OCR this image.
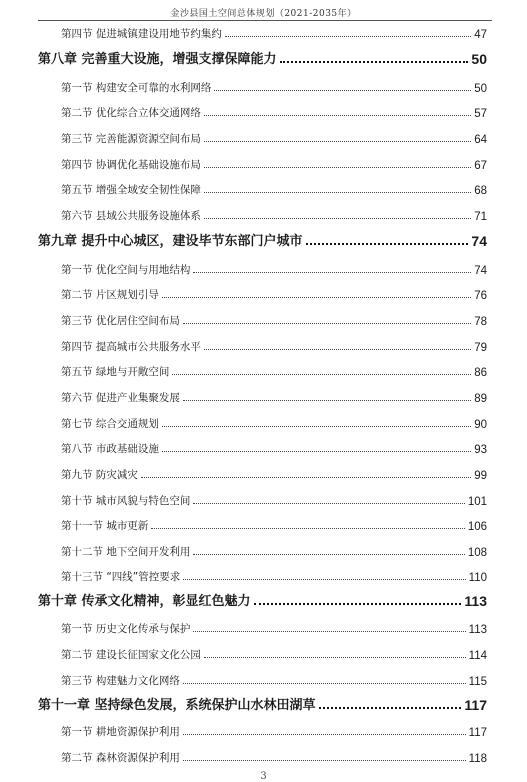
金沙县国土空间总体规划（2021-2035年）
第四节 促进城镇建设用地节约集约	47
第八章 完善重大设施，增强支撑保障能力	50
第一节 构建安全可靠的水利网络	50
第二节 优化综合立体交通网络	57
第三节 完善能源资源空间布局	64
第四节 协调优化基础设施布局	67
第五节 增强全域安全韧性保障	68
第六节 县域公共服务设施体系	71
第九章 提升中心城区，建设毕节东部门户城市	74
第一节 优化空间与用地结构	74
第二节 片区规划引导	76
第三节 优化居住空间布局	78
第四节 提高城市公共服务水平	79
第五节 绿地与开敞空间	86
第六节 促进产业集聚发展	89
第七节 综合交通规划	90
第八节 市政基础设施	93
第九节 防灾减灾	99
第十节 城市风貌与特色空间	101
第十一节 城市更新	106
第十二节 地下空间开发利用	108
第十三节 “四线”管控要求	110
第十章 传承文化精神，彰显红色魅力	113
第一节 历史文化传承与保护	113
第二节 建设长征国家文化公园	114
第三节 构建魅力文化网络	115
第十一章 坚持绿色发展，系统保护山水林田湖草	117
第一节 耕地资源保护利用	117
第二节 森林资源保护利用	118
3
